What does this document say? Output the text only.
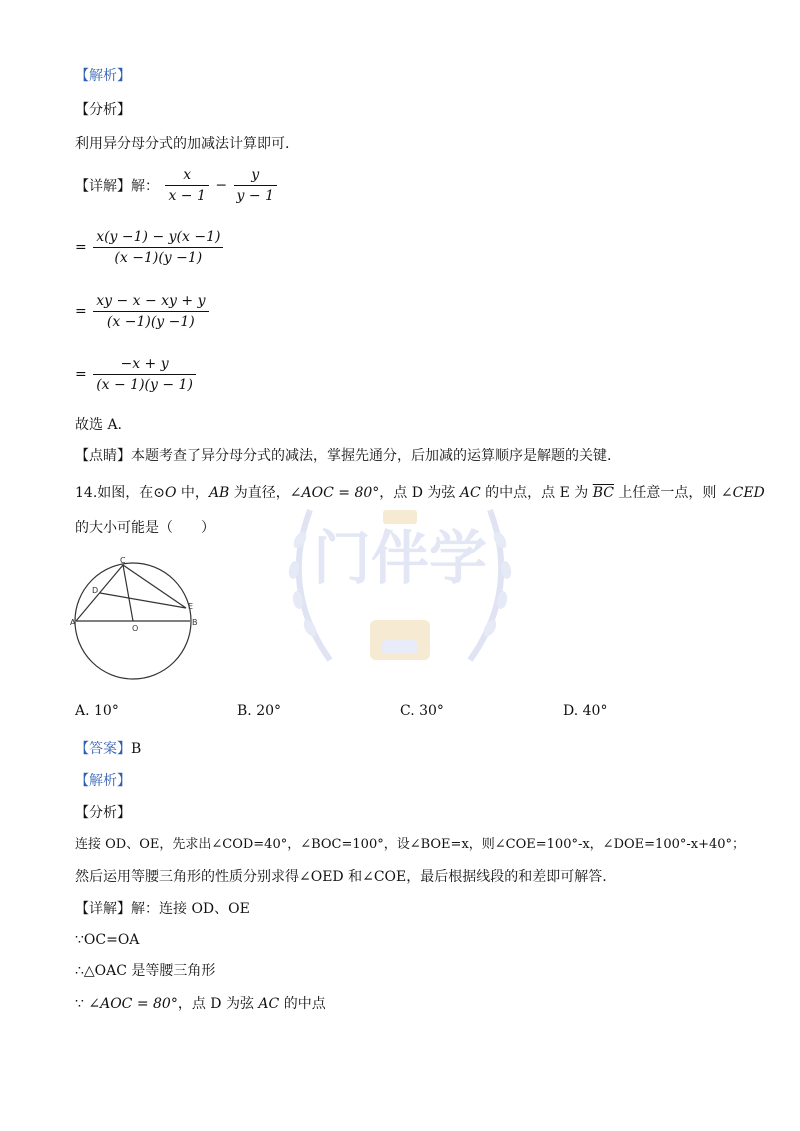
门伴学
【解析】
【分析】
利用异分母分式的加减法计算即可.
【详解】解： $\frac{x}{x - 1} - \frac{y}{y - 1}$
= $\frac{x(y -1) - y(x -1)}{(x -1)(y -1)}$
= $\frac{xy - x - xy + y}{(x -1)(y -1)}$
= $\frac{-x + y}{(x - 1)(y - 1)}$
故选 A.
【点睛】本题考查了异分母分式的减法，掌握先通分，后加减的运算顺序是解题的关键.
14.如图，在⊙O 中，AB 为直径，∠AOC = 80°，点 D 为弦 AC 的中点，点 E 为 $\overline{BC}$ 上任意一点，则 ∠CED
的大小可能是（　　）
C
D
A
O
B
E
A. 10°	B. 20°	C. 30°	D. 40°
【答案】B
【解析】
【分析】
连接 OD、OE，先求出∠COD=40°，∠BOC=100°，设∠BOE=x，则∠COE=100°-x，∠DOE=100°-x+40°；
然后运用等腰三角形的性质分别求得∠OED 和∠COE，最后根据线段的和差即可解答.
【详解】解：连接 OD、OE
∵OC=OA
∴△OAC 是等腰三角形
∵ ∠AOC = 80°，点 D 为弦 AC 的中点
